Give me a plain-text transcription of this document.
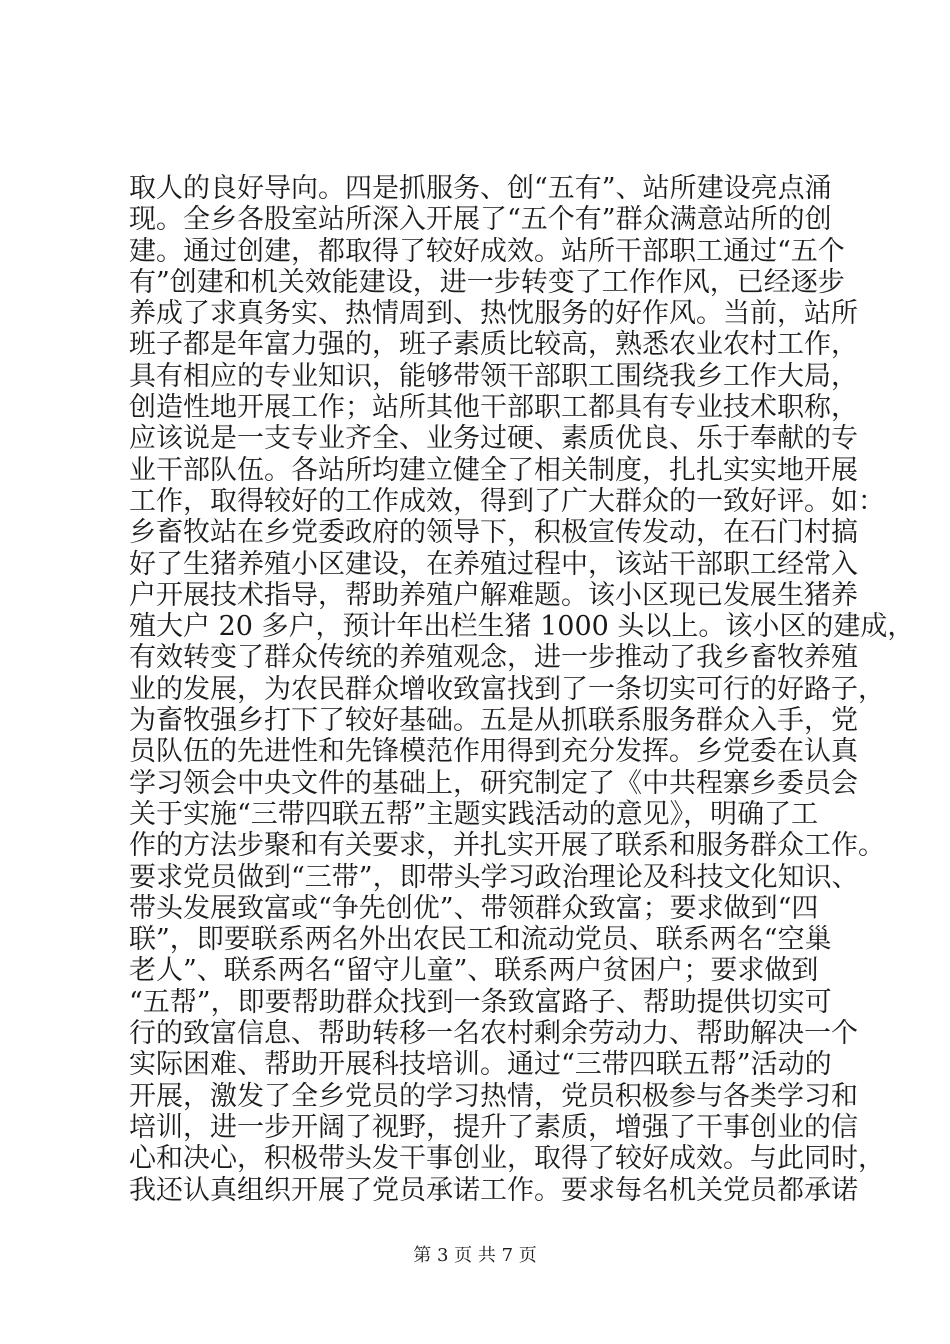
取人的良好导向。四是抓服务、创“五有”、站所建设亮点涌
现。全乡各股室站所深入开展了“五个有”群众满意站所的创
建。通过创建，都取得了较好成效。站所干部职工通过“五个
有”创建和机关效能建设，进一步转变了工作作风，已经逐步
养成了求真务实、热情周到、热忱服务的好作风。当前，站所
班子都是年富力强的，班子素质比较高，熟悉农业农村工作，
具有相应的专业知识，能够带领干部职工围绕我乡工作大局，
创造性地开展工作；站所其他干部职工都具有专业技术职称，
应该说是一支专业齐全、业务过硬、素质优良、乐于奉献的专
业干部队伍。各站所均建立健全了相关制度，扎扎实实地开展
工作，取得较好的工作成效，得到了广大群众的一致好评。如：
乡畜牧站在乡党委政府的领导下，积极宣传发动，在石门村搞
好了生猪养殖小区建设，在养殖过程中，该站干部职工经常入
户开展技术指导，帮助养殖户解难题。该小区现已发展生猪养
殖大户 20 多户，预计年出栏生猪 1000 头以上。该小区的建成，
有效转变了群众传统的养殖观念，进一步推动了我乡畜牧养殖
业的发展，为农民群众增收致富找到了一条切实可行的好路子，
为畜牧强乡打下了较好基础。五是从抓联系服务群众入手，党
员队伍的先进性和先锋模范作用得到充分发挥。乡党委在认真
学习领会中央文件的基础上，研究制定了《中共程寨乡委员会
关于实施“三带四联五帮”主题实践活动的意见》，明确了工
作的方法步聚和有关要求，并扎实开展了联系和服务群众工作。
要求党员做到“三带”，即带头学习政治理论及科技文化知识、
带头发展致富或“争先创优”、带领群众致富；要求做到“四
联”，即要联系两名外出农民工和流动党员、联系两名“空巢
老人”、联系两名“留守儿童”、联系两户贫困户；要求做到
“五帮”，即要帮助群众找到一条致富路子、帮助提供切实可
行的致富信息、帮助转移一名农村剩余劳动力、帮助解决一个
实际困难、帮助开展科技培训。通过“三带四联五帮”活动的
开展，激发了全乡党员的学习热情，党员积极参与各类学习和
培训，进一步开阔了视野，提升了素质，增强了干事创业的信
心和决心，积极带头发干事创业，取得了较好成效。与此同时，
我还认真组织开展了党员承诺工作。要求每名机关党员都承诺
第 3 页 共 7 页
